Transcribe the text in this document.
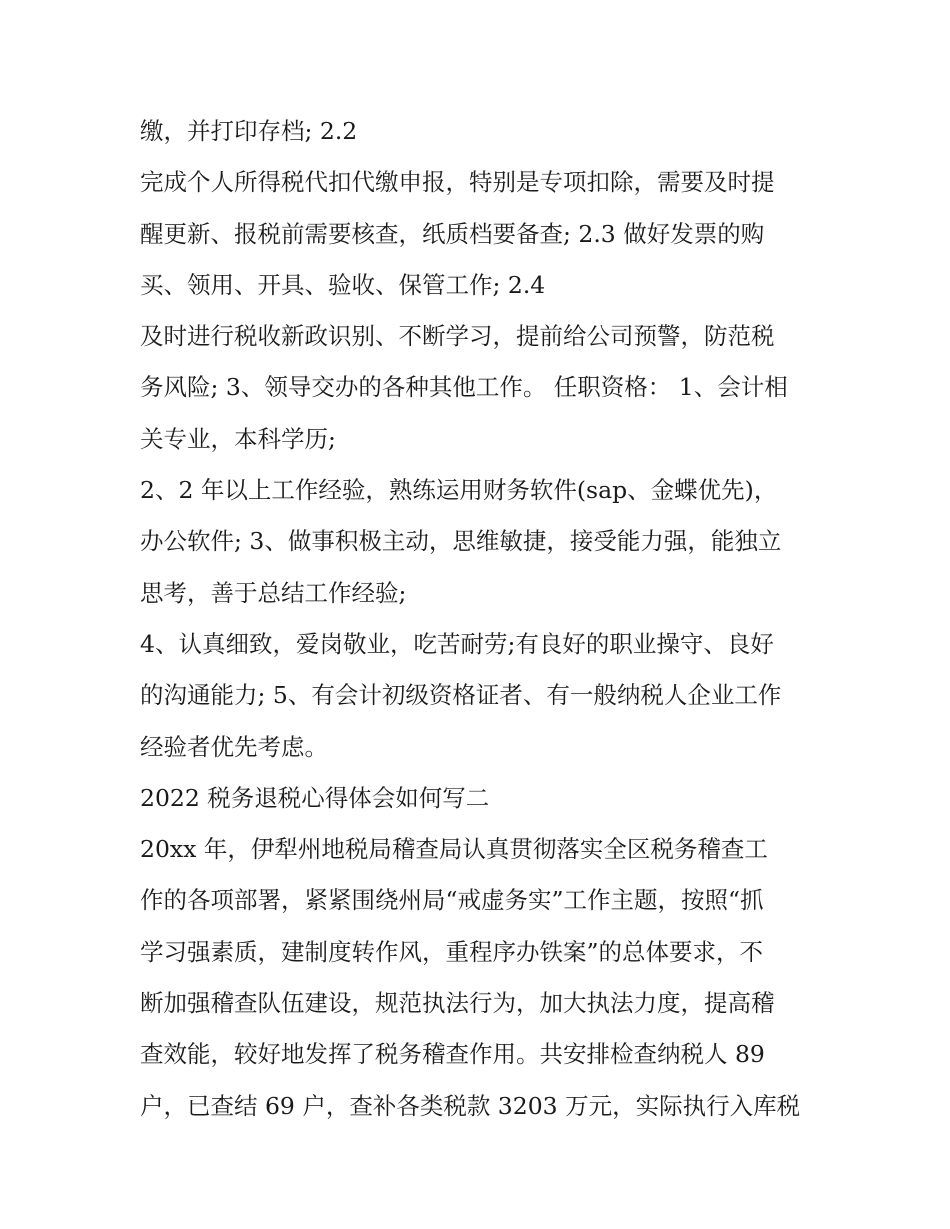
缴，并打印存档; 2.2

完成个人所得税代扣代缴申报，特别是专项扣除，需要及时提

醒更新、报税前需要核查，纸质档要备查; 2.3 做好发票的购

买、领用、开具、验收、保管工作; 2.4

及时进行税收新政识别、不断学习，提前给公司预警，防范税

务风险; 3、领导交办的各种其他工作。 任职资格： 1、会计相

关专业，本科学历;

2、2 年以上工作经验，熟练运用财务软件(sap、金蝶优先)，

办公软件; 3、做事积极主动，思维敏捷，接受能力强，能独立

思考，善于总结工作经验;

4、认真细致，爱岗敬业，吃苦耐劳;有良好的职业操守、良好

的沟通能力; 5、有会计初级资格证者、有一般纳税人企业工作

经验者优先考虑。

2022 税务退税心得体会如何写二

20xx 年，伊犁州地税局稽查局认真贯彻落实全区税务稽查工

作的各项部署，紧紧围绕州局“戒虚务实”工作主题，按照“抓

学习强素质，建制度转作风，重程序办铁案”的总体要求，不

断加强稽查队伍建设，规范执法行为，加大执法力度，提高稽

查效能，较好地发挥了税务稽查作用。共安排检查纳税人 89

户，已查结 69 户，查补各类税款 3203 万元，实际执行入库税
